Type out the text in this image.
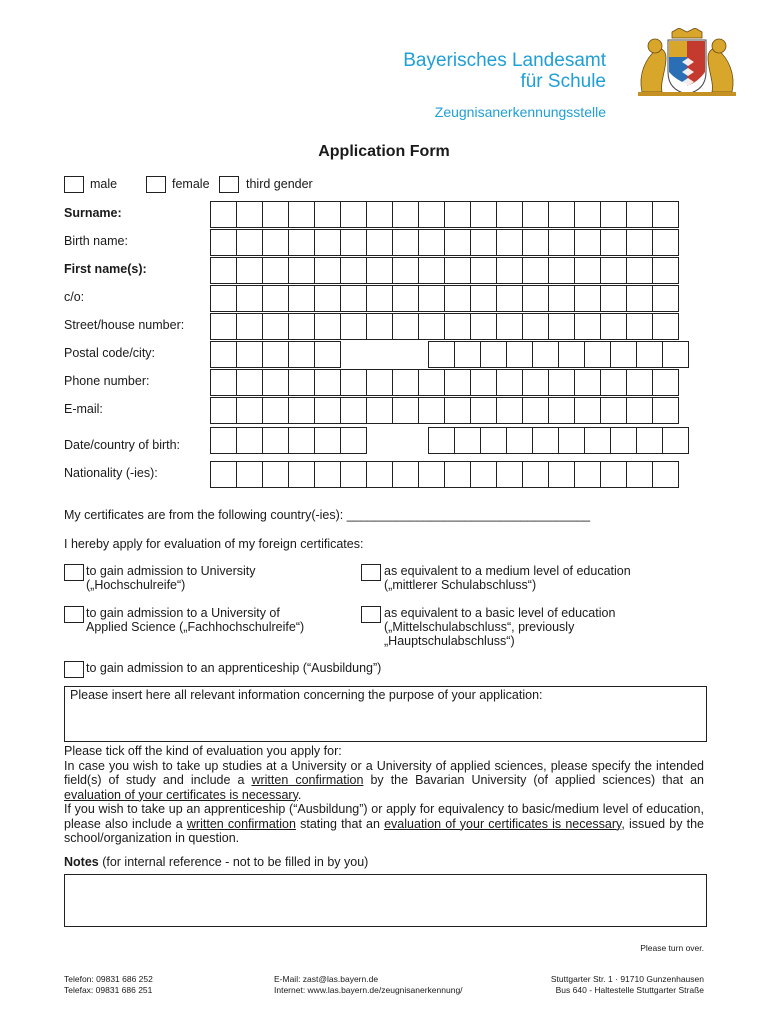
Bayerisches Landesamt
für Schule
Zeugnisanerkennungsstelle
Application Form
male	female	third gender
Surname:
Birth name:
First name(s):
c/o:
Street/house number:
Postal code/city:
Phone number:
E-mail:
Date/country of birth:
Nationality (-ies):
My certificates are from the following country(-ies): ___________________________________
I hereby apply for evaluation of my foreign certificates:
to gain admission to University
(„Hochschulreife“)
as equivalent to a medium level of education
(„mittlerer Schulabschluss“)
to gain admission to a University of
Applied Science („Fachhochschulreife“)
as equivalent to a basic level of education
(„Mittelschulabschluss“, previously
„Hauptschulabschluss“)
to gain admission to an apprenticeship (“Ausbildung”)
Please insert here all relevant information concerning the purpose of your application:
Please tick off the kind of evaluation you apply for:
In case you wish to take up studies at a University or a University of applied sciences, please specify the intended field(s) of study and include a written confirmation by the Bavarian University (of applied sciences) that an evaluation of your certificates is necessary.
If you wish to take up an apprenticeship (“Ausbildung”) or apply for equivalency to basic/medium level of education, please also include a written confirmation stating that an evaluation of your certificates is necessary, issued by the school/organization in question.
Notes (for internal reference - not to be filled in by you)
Please turn over.
Telefon: 09831 686 252
Telefax: 09831 686 251
E-Mail: zast@las.bayern.de
Internet: www.las.bayern.de/zeugnisanerkennung/
Stuttgarter Str. 1 · 91710 Gunzenhausen
Bus 640 - Haltestelle Stuttgarter Straße
